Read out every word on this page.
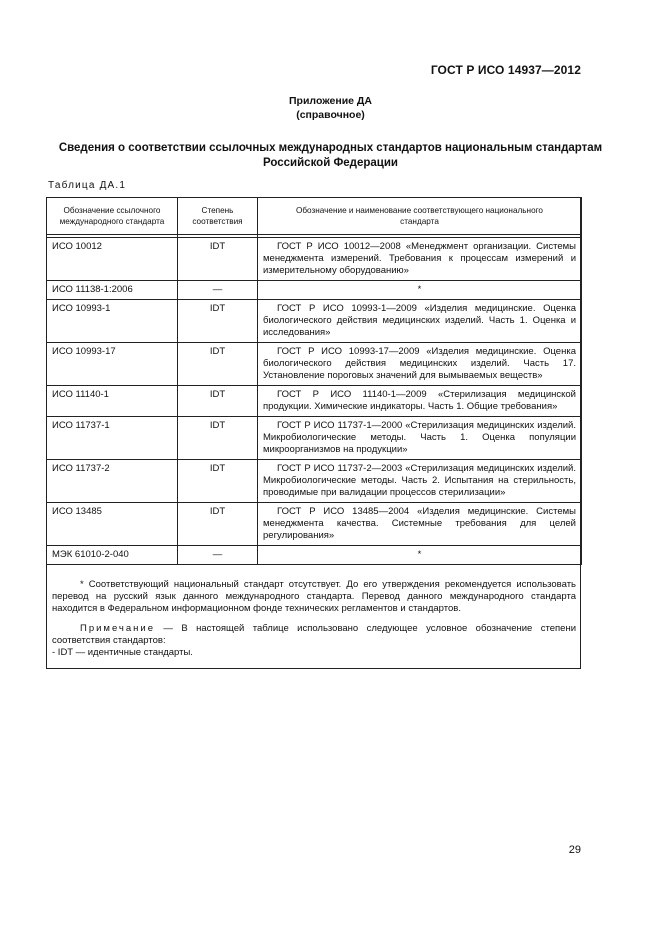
ГОСТ Р ИСО 14937—2012
Приложение ДА
(справочное)
Сведения о соответствии ссылочных международных стандартов национальным стандартам Российской Федерации
Таблица ДА.1
Обозначение ссылочного международного стандарта	Степень соответствия	Обозначение и наименование соответствующего национального стандарта

ИСО 10012	IDT	ГОСТ Р ИСО 10012—2008 «Менеджмент организации. Системы менеджмента измерений. Требования к процессам измерений и измерительному оборудованию»
ИСО 11138-1:2006	—	*
ИСО 10993-1	IDT	ГОСТ Р ИСО 10993-1—2009 «Изделия медицинские. Оценка биологического действия медицинских изделий. Часть 1. Оценка и исследования»
ИСО 10993-17	IDT	ГОСТ Р ИСО 10993-17—2009 «Изделия медицинские. Оценка биологического действия медицинских изделий. Часть 17. Установление пороговых значений для вымываемых веществ»
ИСО 11140-1	IDT	ГОСТ Р ИСО 11140-1—2009 «Стерилизация медицинской продукции. Химические индикаторы. Часть 1. Общие требования»
ИСО 11737-1	IDT	ГОСТ Р ИСО 11737-1—2000 «Стерилизация медицинских изделий. Микробиологические методы. Часть 1. Оценка популяции микроорганизмов на продукции»
ИСО 11737-2	IDT	ГОСТ Р ИСО 11737-2—2003 «Стерилизация медицинских изделий. Микробиологические методы. Часть 2. Испытания на стерильность, проводимые при валидации процессов стерилизации»
ИСО 13485	IDT	ГОСТ Р ИСО 13485—2004 «Изделия медицинские. Системы менеджмента качества. Системные требования для целей регулирования»
МЭК 61010-2-040	—	*

* Соответствующий национальный стандарт отсутствует. До его утверждения рекомендуется использовать перевод на русский язык данного международного стандарта. Перевод данного международного стандарта находится в Федеральном информационном фонде технических регламентов и стандартов.

Примечание — В настоящей таблице использовано следующее условное обозначение степени соответствия стандартов:

- IDT — идентичные стандарты.

29
